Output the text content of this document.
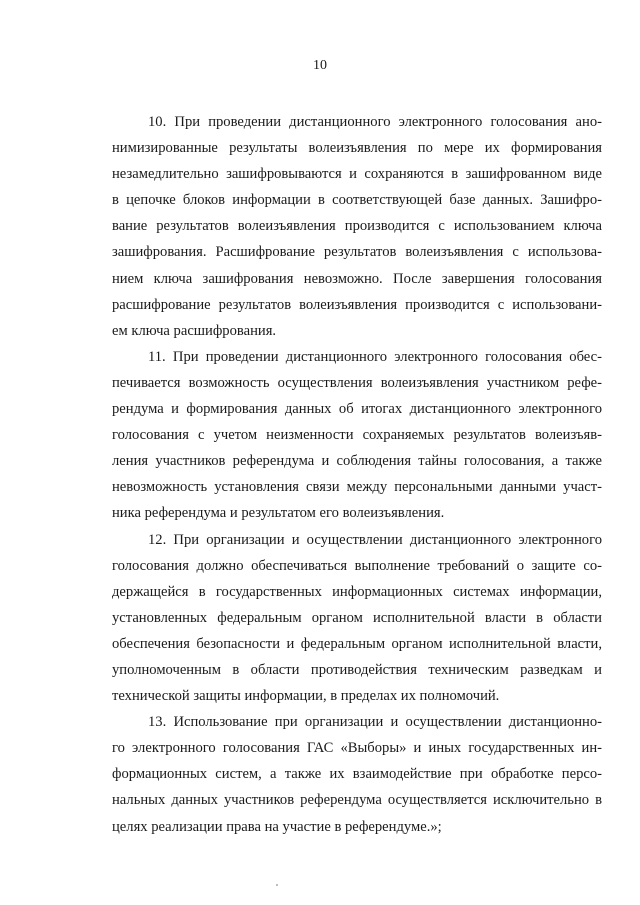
10
10. При проведении дистанционного электронного голосования ано-
нимизированные результаты волеизъявления по мере их формирования
незамедлительно зашифровываются и сохраняются в зашифрованном виде
в цепочке блоков информации в соответствующей базе данных. Зашифро-
вание результатов волеизъявления производится с использованием ключа
зашифрования. Расшифрование результатов волеизъявления с использова-
нием ключа зашифрования невозможно. После завершения голосования
расшифрование результатов волеизъявления производится с использовани-
ем ключа расшифрования.
11. При проведении дистанционного электронного голосования обес-
печивается возможность осуществления волеизъявления участником рефе-
рендума и формирования данных об итогах дистанционного электронного
голосования с учетом неизменности сохраняемых результатов волеизъяв-
ления участников референдума и соблюдения тайны голосования, а также
невозможность установления связи между персональными данными участ-
ника референдума и результатом его волеизъявления.
12. При организации и осуществлении дистанционного электронного
голосования должно обеспечиваться выполнение требований о защите со-
держащейся в государственных информационных системах информации,
установленных федеральным органом исполнительной власти в области
обеспечения безопасности и федеральным органом исполнительной власти,
уполномоченным в области противодействия техническим разведкам и
технической защиты информации, в пределах их полномочий.
13. Использование при организации и осуществлении дистанционно-
го электронного голосования ГАС «Выборы» и иных государственных ин-
формационных систем, а также их взаимодействие при обработке персо-
нальных данных участников референдума осуществляется исключительно в
целях реализации права на участие в референдуме.»;
